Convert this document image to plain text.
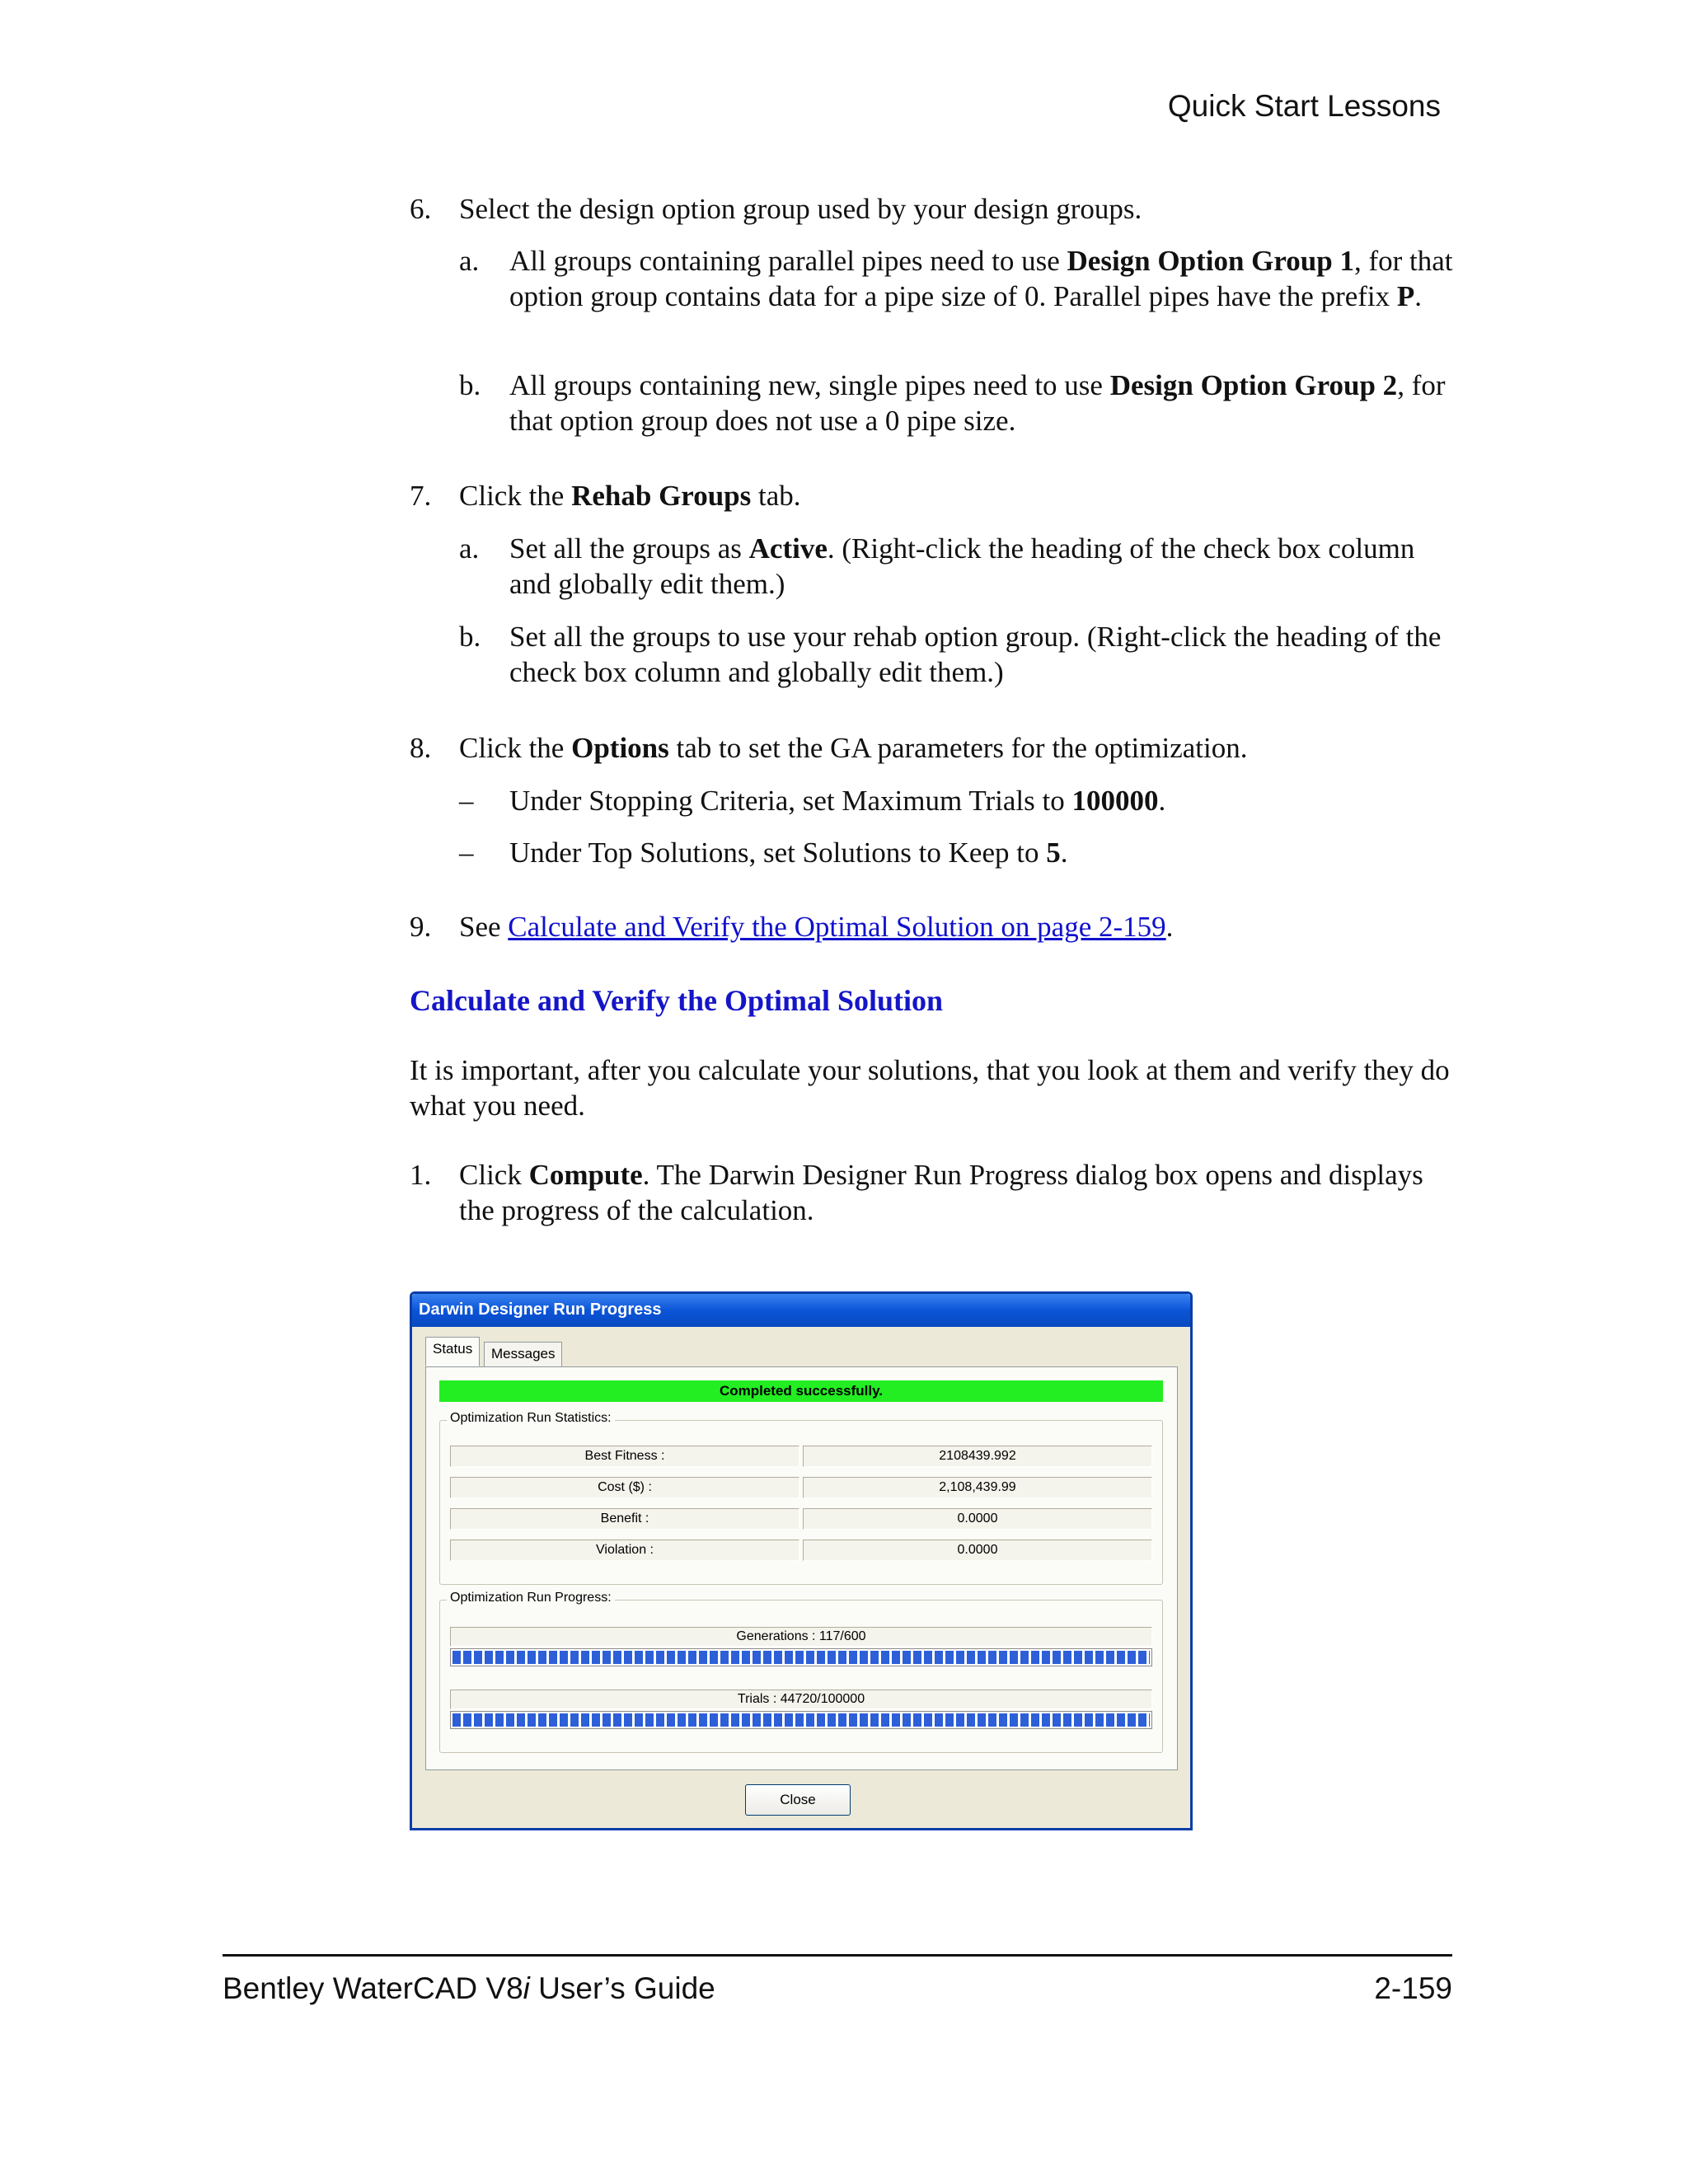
Quick Start Lessons
6. Select the design option group used by your design groups.
a. All groups containing parallel pipes need to use Design Option Group 1, for that option group contains data for a pipe size of 0. Parallel pipes have the prefix P.
b. All groups containing new, single pipes need to use Design Option Group 2, for that option group does not use a 0 pipe size.
7. Click the Rehab Groups tab.
a. Set all the groups as Active. (Right-click the heading of the check box column and globally edit them.)
b. Set all the groups to use your rehab option group. (Right-click the heading of the check box column and globally edit them.)
8. Click the Options tab to set the GA parameters for the optimization.
– Under Stopping Criteria, set Maximum Trials to 100000.
– Under Top Solutions, set Solutions to Keep to 5.
9. See Calculate and Verify the Optimal Solution on page 2-159.
Calculate and Verify the Optimal Solution
It is important, after you calculate your solutions, that you look at them and verify they do what you need.
1. Click Compute. The Darwin Designer Run Progress dialog box opens and displays the progress of the calculation.
Darwin Designer Run Progress
Status	Messages
Completed successfully.
Optimization Run Statistics:
Best Fitness :	2108439.992
Cost ($) :	2,108,439.99
Benefit :	0.0000
Violation :	0.0000
Optimization Run Progress:
Generations : 117/600
Trials : 44720/100000
Close
Bentley WaterCAD V8i User’s Guide	2-159
